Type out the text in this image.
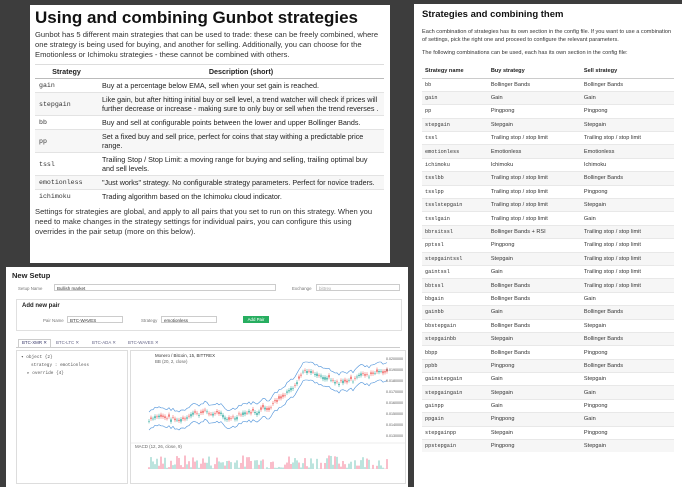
Using and combining Gunbot strategies

Gunbot has 5 different main strategies that can be used to trade: these can be freely combined, where one strategy is being used for buying, and another for selling. Additionally, you can choose for the Emotionless or Ichimoku strategies - these cannot be combined with others.

Strategy	Description (short)
gain	Buy at a percentage below EMA, sell when your set gain is reached.
stepgain	Like gain, but after hitting initial buy or sell level, a trend watcher will check if prices will further decrease or increase - making sure to only buy or sell when the trend reverses .
bb	Buy and sell at configurable points between the lower and upper Bollinger Bands.
pp	Set a fixed buy and sell price, perfect for coins that stay withing a predictable price range.
tssl	Trailing Stop / Stop Limit: a moving range for buying and selling, trailing optimal buy and sell levels.
emotionless	"Just works" strategy. No configurable strategy parameters. Perfect for novice traders.
ichimoku	Trading algorithm based on the Ichimoku cloud indicator.

Settings for strategies are global, and apply to all pairs that you set to run on this strategy. When you need to make changes in the strategy settings for individual pairs, you can configure this using overrides in the pair setup (more on this below).

Strategies and combining them

Each combination of strategies has its own section in the config file. If you want to use a combination of settings, pick the right one and proceed to configure the relevant parameters.

The following combinations can be used, each has its own section in the config file:

Strategy name	Buy strategy	Sell strategy
bb	Bollinger Bands	Bollinger Bands
gain	Gain	Gain
pp	Pingpong	Pingpong
stepgain	Stepgain	Stepgain
tssl	Trailing stop / stop limit	Trailing stop / stop limit
emotionless	Emotionless	Emotionless
ichimoku	Ichimoku	Ichimoku
tsslbb	Trailing stop / stop limit	Bollinger Bands
tsslpp	Trailing stop / stop limit	Pingpong
tsslstepgain	Trailing stop / stop limit	Stepgain
tsslgain	Trailing stop / stop limit	Gain
bbrsitssl	Bollinger Bands + RSI	Trailing stop / stop limit
pptssl	Pingpong	Trailing stop / stop limit
stepgaintssl	Stepgain	Trailing stop / stop limit
gaintssl	Gain	Trailing stop / stop limit
bbtssl	Bollinger Bands	Trailing stop / stop limit
bbgain	Bollinger Bands	Gain
gainbb	Gain	Bollinger Bands
bbstepgain	Bollinger Bands	Stepgain
stepgainbb	Stepgain	Bollinger Bands
bbpp	Bollinger Bands	Pingpong
ppbb	Pingpong	Bollinger Bands
gainstepgain	Gain	Stepgain
stepgaingain	Stepgain	Gain
gainpp	Gain	Pingpong
ppgain	Pingpong	Gain
stepgainpp	Stepgain	Pingpong
ppstepgain	Pingpong	Stepgain
New Setup
Setup Name	Bullish market	Exchange	bittrex
Add new pair
Pair Name	BTC-WAVES	Strategy	emotionless	Add Pair
BTC-XMR ✕	BTC-LTC ✕	BTC-ADA ✕	BTC-WAVES ✕
▾ object {2}
strategy : emotionless
▸ override {4}
Monero / Bitcoin, 15, BITTREX
BB (20, 2, close)
MACD (12, 26, close, 9)
0.0200000
0.0190000
0.0180000
0.0170000
0.0160000
0.0150000
0.0140000
0.0130000
